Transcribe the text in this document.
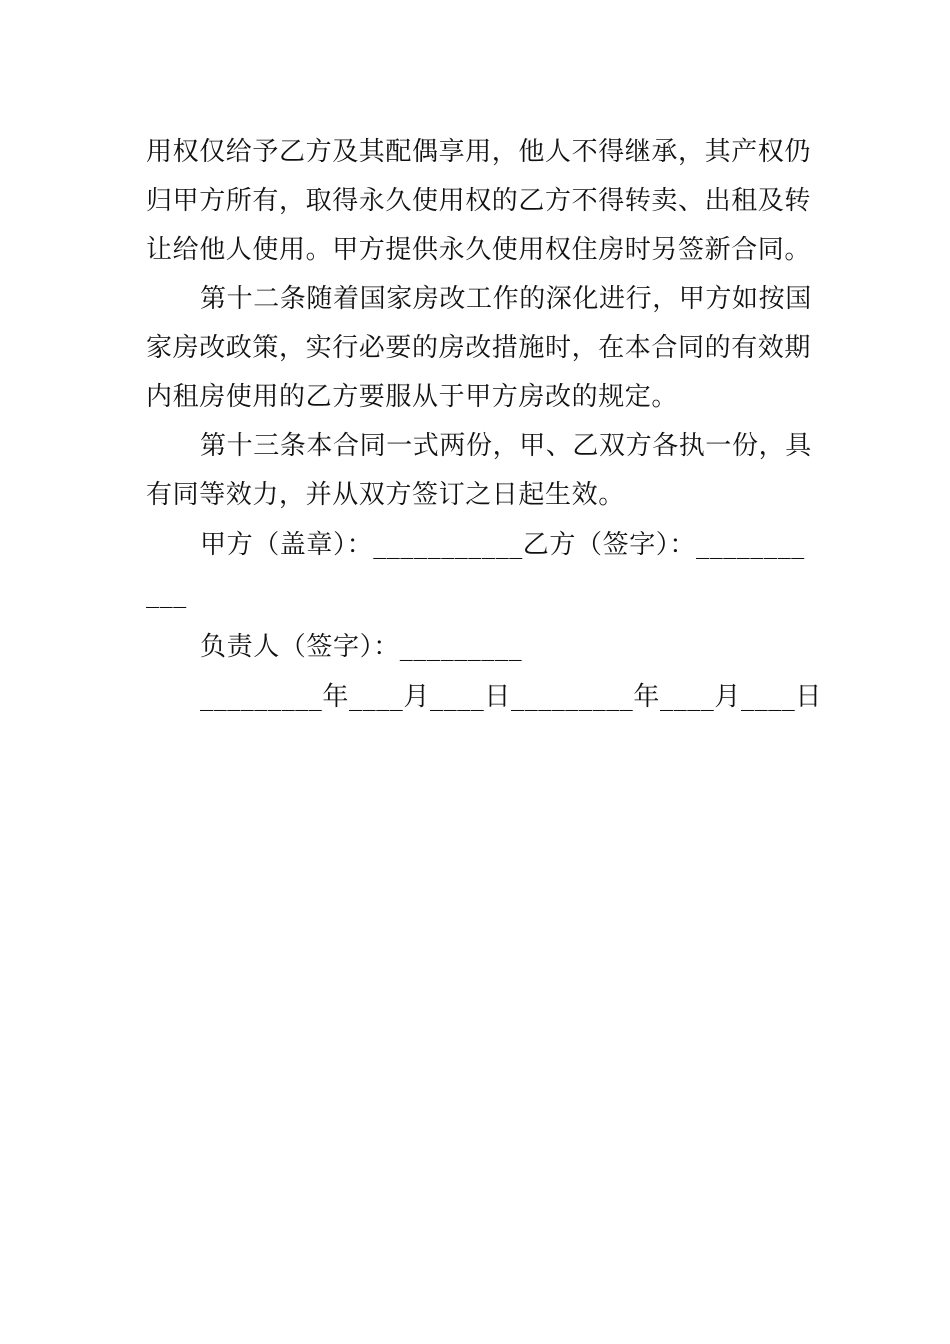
用权仅给予乙方及其配偶享用，他人不得继承，其产权仍
归甲方所有，取得永久使用权的乙方不得转卖、出租及转
让给他人使用。甲方提供永久使用权住房时另签新合同。
第十二条随着国家房改工作的深化进行，甲方如按国
家房改政策，实行必要的房改措施时，在本合同的有效期
内租房使用的乙方要服从于甲方房改的规定。
第十三条本合同一式两份，甲、乙双方各执一份，具
有同等效力，并从双方签订之日起生效。
甲方（盖章）：___________乙方（签字）：________
___
负责人（签字）：_________
_________年____月____日_________年____月____日
